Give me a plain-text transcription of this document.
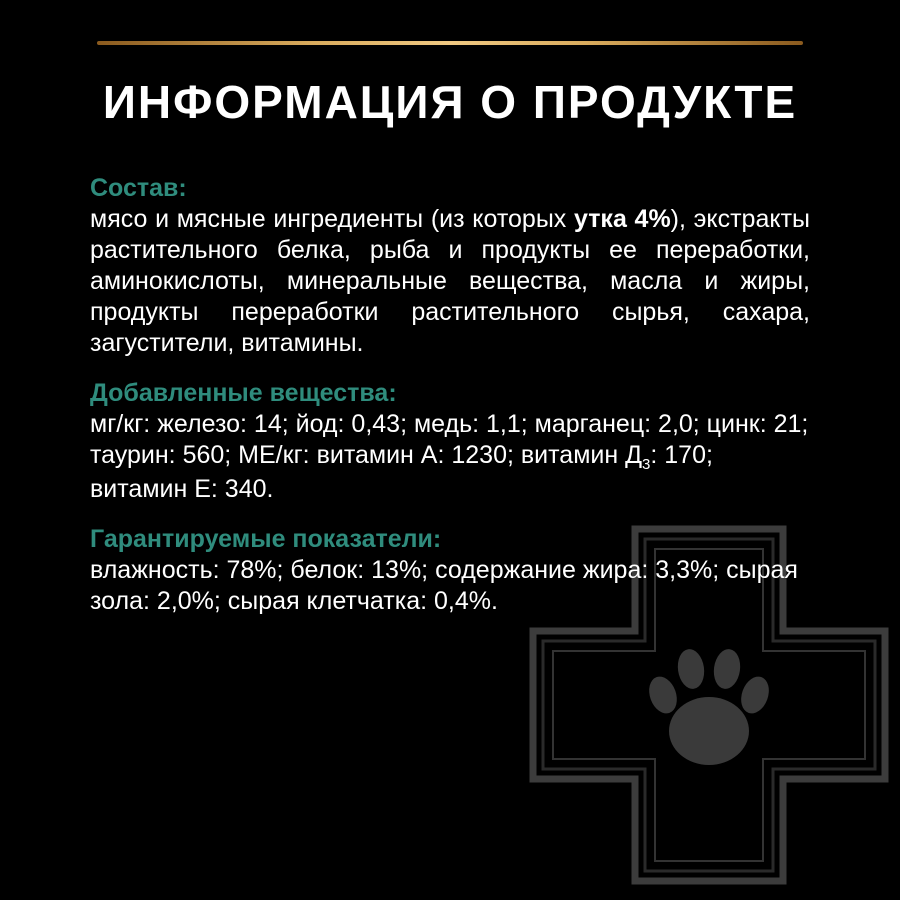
ИНФОРМАЦИЯ О ПРОДУКТЕ

Состав:

мясо и мясные ингредиенты (из которых утка 4%), экстракты растительного белка, рыба и продукты ее переработки, аминокислоты, минеральные вещества, масла и жиры, продукты переработки растительного сырья, сахара, загустители, витамины.

Добавленные вещества:

мг/кг: железо: 14; йод: 0,43; медь: 1,1; марганец: 2,0; цинк: 21; таурин: 560; МЕ/кг: витамин А: 1230; витамин $Д_3$: 170; витамин Е: 340.

Гарантируемые показатели:

влажность: 78%; белок: 13%; содержание жира: 3,3%; сырая зола: 2,0%; сырая клетчатка: 0,4%.
